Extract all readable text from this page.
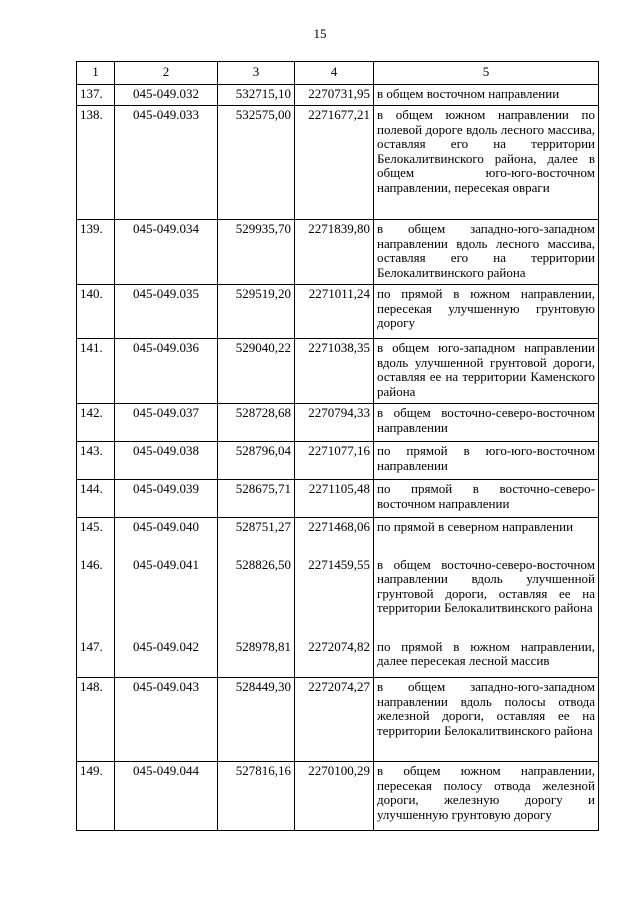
15
1	2	3	4	5
137.	045-049.032	532715,10	2270731,95	в общем восточном направлении

138.	045-049.033	532575,00	2271677,21	в общем южном направлении по полевой дороге вдоль лесного массива, оставляя его на территории Белокалитвинского района, далее в общем юго-юго-восточном направлении, пересекая овраги

139.	045-049.034	529935,70	2271839,80	в общем западно-юго-западном направлении вдоль лесного массива, оставляя его на территории Белокалитвинского района

140.	045-049.035	529519,20	2271011,24	по прямой в южном направлении, пересекая улучшенную грунтовую дорогу

141.	045-049.036	529040,22	2271038,35	в общем юго-западном направлении вдоль улучшенной грунтовой дороги, оставляя ее на территории Каменского района

142.	045-049.037	528728,68	2270794,33	в общем восточно-северо-восточном направлении

143.	045-049.038	528796,04	2271077,16	по прямой в юго-юго-восточном направлении

144.	045-049.039	528675,71	2271105,48	по прямой в восточно-северо-восточном направлении

145.	045-049.040	528751,27	2271468,06	по прямой в северном направлении

146.	045-049.041	528826,50	2271459,55	в общем восточно-северо-восточном направлении вдоль улучшенной грунтовой дороги, оставляя ее на территории Белокалитвинского района

147.	045-049.042	528978,81	2272074,82	по прямой в южном направлении, далее пересекая лесной массив

148.	045-049.043	528449,30	2272074,27	в общем западно-юго-западном направлении вдоль полосы отвода железной дороги, оставляя ее на территории Белокалитвинского района

149.	045-049.044	527816,16	2270100,29	в общем южном направлении, пересекая полосу отвода железной дороги, железную дорогу и улучшенную грунтовую дорогу
